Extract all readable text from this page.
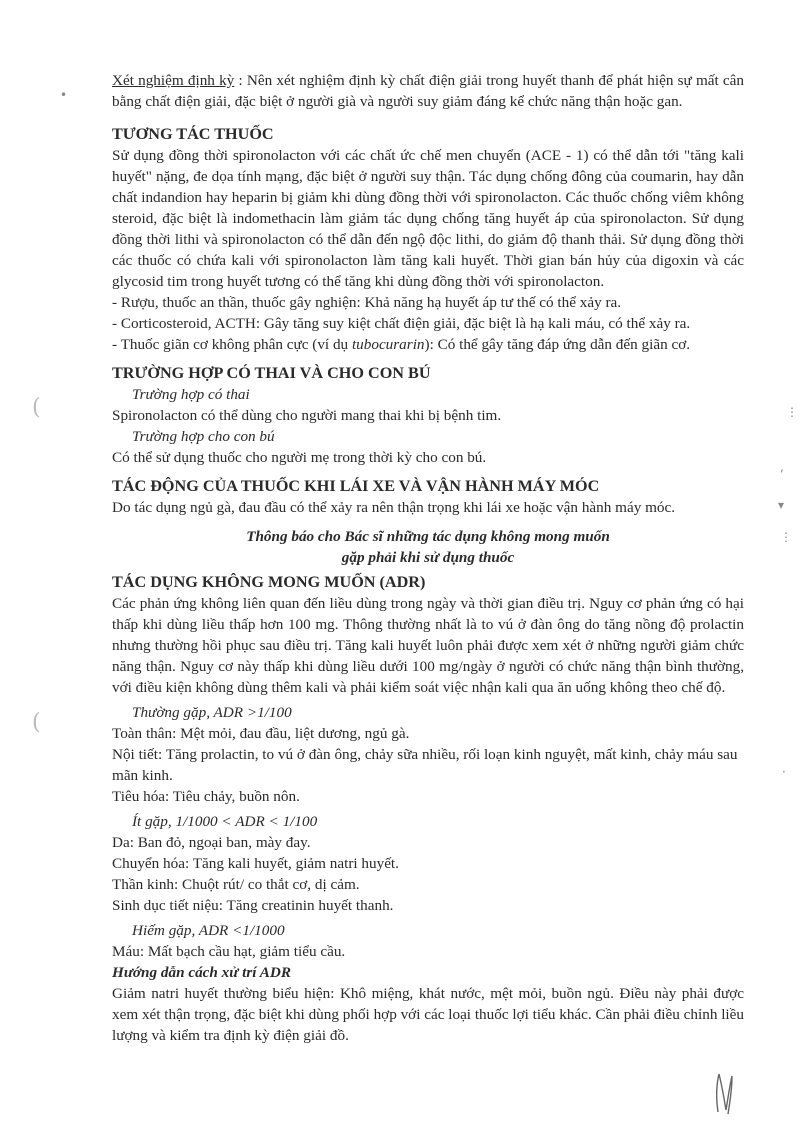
•
(
(
⋮
,
▾
⋮
·

Xét nghiệm định kỳ : Nên xét nghiệm định kỳ chất điện giải trong huyết thanh để phát hiện sự mất cân bằng chất điện giải, đặc biệt ở người già và người suy giảm đáng kể chức năng thận hoặc gan.

TƯƠNG TÁC THUỐC

Sử dụng đồng thời spironolacton với các chất ức chế men chuyển (ACE - 1) có thể dẫn tới "tăng kali huyết" nặng, đe dọa tính mạng, đặc biệt ở người suy thận. Tác dụng chống đông của coumarin, hay dẫn chất indandion hay heparin bị giảm khi dùng đồng thời với spironolacton. Các thuốc chống viêm không steroid, đặc biệt là indomethacin làm giảm tác dụng chống tăng huyết áp của spironolacton. Sử dụng đồng thời lithi và spironolacton có thể dẫn đến ngộ độc lithi, do giảm độ thanh thải. Sử dụng đồng thời các thuốc có chứa kali với spironolacton làm tăng kali huyết. Thời gian bán hủy của digoxin và các glycosid tim trong huyết tương có thể tăng khi dùng đồng thời với spironolacton.

- Rượu, thuốc an thần, thuốc gây nghiện: Khả năng hạ huyết áp tư thế có thể xảy ra.

- Corticosteroid, ACTH: Gây tăng suy kiệt chất điện giải, đặc biệt là hạ kali máu, có thể xảy ra.

- Thuốc giãn cơ không phân cực (ví dụ tubocurarin): Có thể gây tăng đáp ứng dẫn đến giãn cơ.

TRƯỜNG HỢP CÓ THAI VÀ CHO CON BÚ

Trường hợp có thai

Spironolacton có thể dùng cho người mang thai khi bị bệnh tim.

Trường hợp cho con bú

Có thể sử dụng thuốc cho người mẹ trong thời kỳ cho con bú.

TÁC ĐỘNG CỦA THUỐC KHI LÁI XE VÀ VẬN HÀNH MÁY MÓC

Do tác dụng ngủ gà, đau đầu có thể xảy ra nên thận trọng khi lái xe hoặc vận hành máy móc.

Thông báo cho Bác sĩ những tác dụng không mong muốn

gặp phải khi sử dụng thuốc

TÁC DỤNG KHÔNG MONG MUỐN (ADR)

Các phản ứng không liên quan đến liều dùng trong ngày và thời gian điều trị. Nguy cơ phản ứng có hại thấp khi dùng liều thấp hơn 100 mg. Thông thường nhất là to vú ở đàn ông do tăng nồng độ prolactin nhưng thường hồi phục sau điều trị. Tăng kali huyết luôn phải được xem xét ở những người giảm chức năng thận. Nguy cơ này thấp khi dùng liều dưới 100 mg/ngày ở người có chức năng thận bình thường, với điều kiện không dùng thêm kali và phải kiểm soát việc nhận kali qua ăn uống không theo chế độ.

Thường gặp, ADR >1/100

Toàn thân: Mệt mỏi, đau đầu, liệt dương, ngủ gà.

Nội tiết: Tăng prolactin, to vú ở đàn ông, chảy sữa nhiều, rối loạn kinh nguyệt, mất kinh, chảy máu sau mãn kinh.

Tiêu hóa: Tiêu chảy, buồn nôn.

Ít gặp, 1/1000 < ADR < 1/100

Da: Ban đỏ, ngoại ban, mày đay.

Chuyển hóa: Tăng kali huyết, giảm natri huyết.

Thần kinh: Chuột rút/ co thắt cơ, dị cảm.

Sinh dục tiết niệu: Tăng creatinin huyết thanh.

Hiếm gặp, ADR <1/1000

Máu: Mất bạch cầu hạt, giảm tiểu cầu.

Hướng dẫn cách xử trí ADR

Giảm natri huyết thường biểu hiện: Khô miệng, khát nước, mệt mỏi, buồn ngủ. Điều này phải được xem xét thận trọng, đặc biệt khi dùng phối hợp với các loại thuốc lợi tiểu khác. Cần phải điều chỉnh liều lượng và kiểm tra định kỳ điện giải đồ.
